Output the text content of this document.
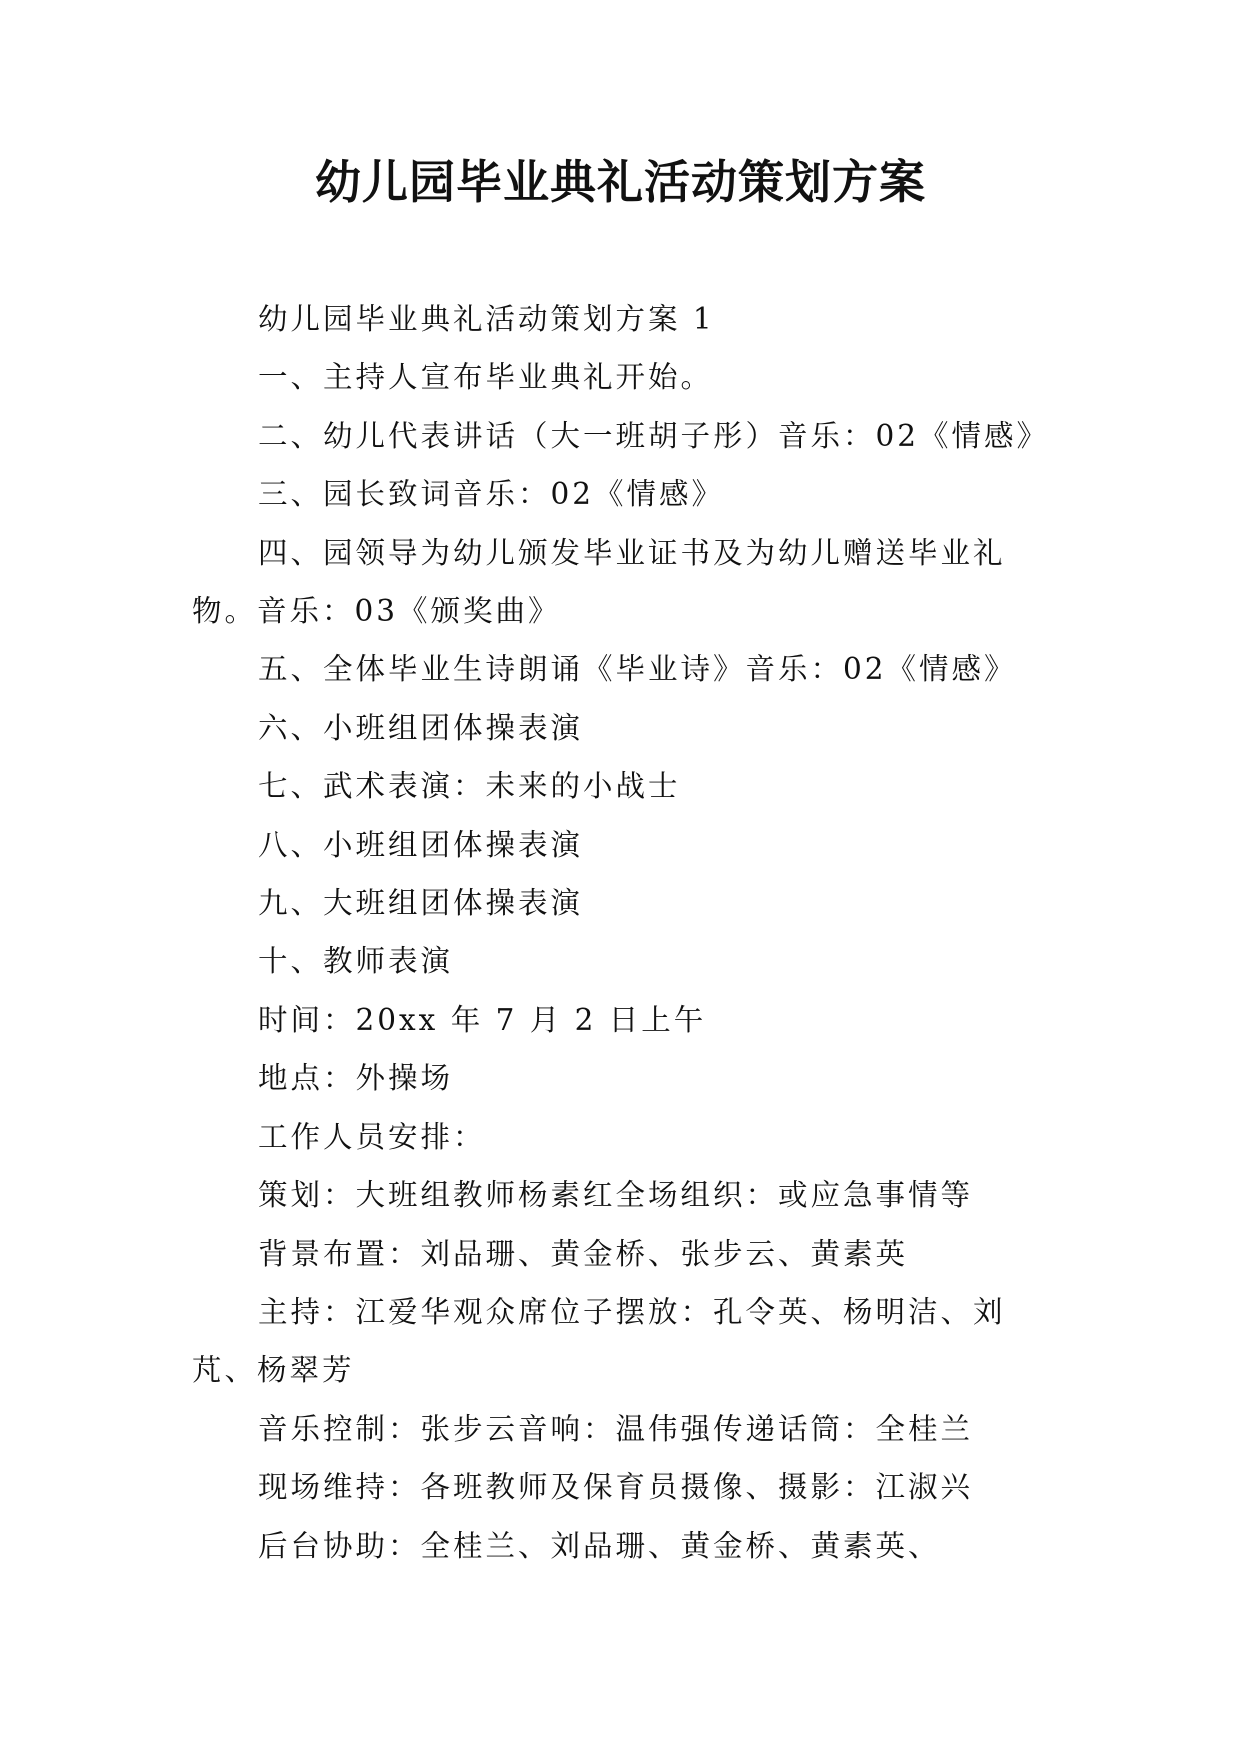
幼儿园毕业典礼活动策划方案

幼儿园毕业典礼活动策划方案 1

一、主持人宣布毕业典礼开始。

二、幼儿代表讲话（大一班胡子彤）音乐：02《情感》

三、园长致词音乐：02《情感》

四、园领导为幼儿颁发毕业证书及为幼儿赠送毕业礼物。音乐：03《颁奖曲》

五、全体毕业生诗朗诵《毕业诗》音乐：02《情感》

六、小班组团体操表演

七、武术表演：未来的小战士

八、小班组团体操表演

九、大班组团体操表演

十、教师表演

时间：20xx 年 7 月 2 日上午

地点：外操场

工作人员安排：

策划：大班组教师杨素红全场组织：或应急事情等

背景布置：刘品珊、黄金桥、张步云、黄素英

主持：江爱华观众席位子摆放：孔令英、杨明洁、刘芃、杨翠芳

音乐控制：张步云音响：温伟强传递话筒：全桂兰

现场维持：各班教师及保育员摄像、摄影：江淑兴

后台协助：全桂兰、刘品珊、黄金桥、黄素英、
